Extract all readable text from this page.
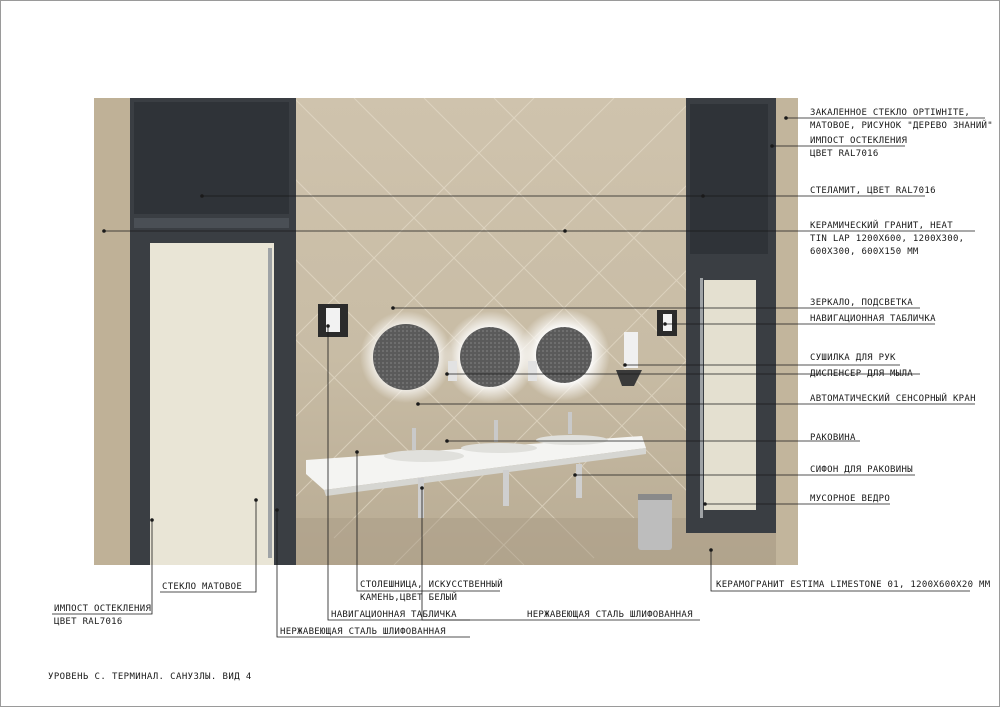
ЗАКАЛЕННОЕ СТЕКЛО OPTIWHITE,
МАТОВОЕ, РИСУНОК "ДЕРЕВО ЗНАНИЙ"
ИМПОСТ ОСТЕКЛЕНИЯ
ЦВЕТ RAL7016
СТЕЛАМИТ, ЦВЕТ RAL7016
КЕРАМИЧЕСКИЙ ГРАНИТ, HEAT
TIN LAP 1200Х600, 1200Х300,
600Х300, 600Х150 ММ
ЗЕРКАЛО, ПОДСВЕТКА
НАВИГАЦИОННАЯ ТАБЛИЧКА
СУШИЛКА ДЛЯ РУК
ДИСПЕНСЕР ДЛЯ МЫЛА
АВТОМАТИЧЕСКИЙ СЕНСОРНЫЙ КРАН
РАКОВИНА
СИФОН ДЛЯ РАКОВИНЫ
МУСОРНОЕ ВЕДРО
СТЕКЛО МАТОВОЕ
ИМПОСТ ОСТЕКЛЕНИЯ
ЦВЕТ RAL7016
СТОЛЕШНИЦА, ИСКУССТВЕННЫЙ
КАМЕНЬ,ЦВЕТ БЕЛЫЙ
НАВИГАЦИОННАЯ ТАБЛИЧКА
НЕРЖАВЕЮЩАЯ СТАЛЬ ШЛИФОВАННАЯ
НЕРЖАВЕЮЩАЯ СТАЛЬ ШЛИФОВАННАЯ
КЕРАМОГРАНИТ ESTIMA LIMESTONE 01, 1200Х600Х20 ММ
УРОВЕНЬ С. ТЕРМИНАЛ. САНУЗЛЫ. ВИД 4
